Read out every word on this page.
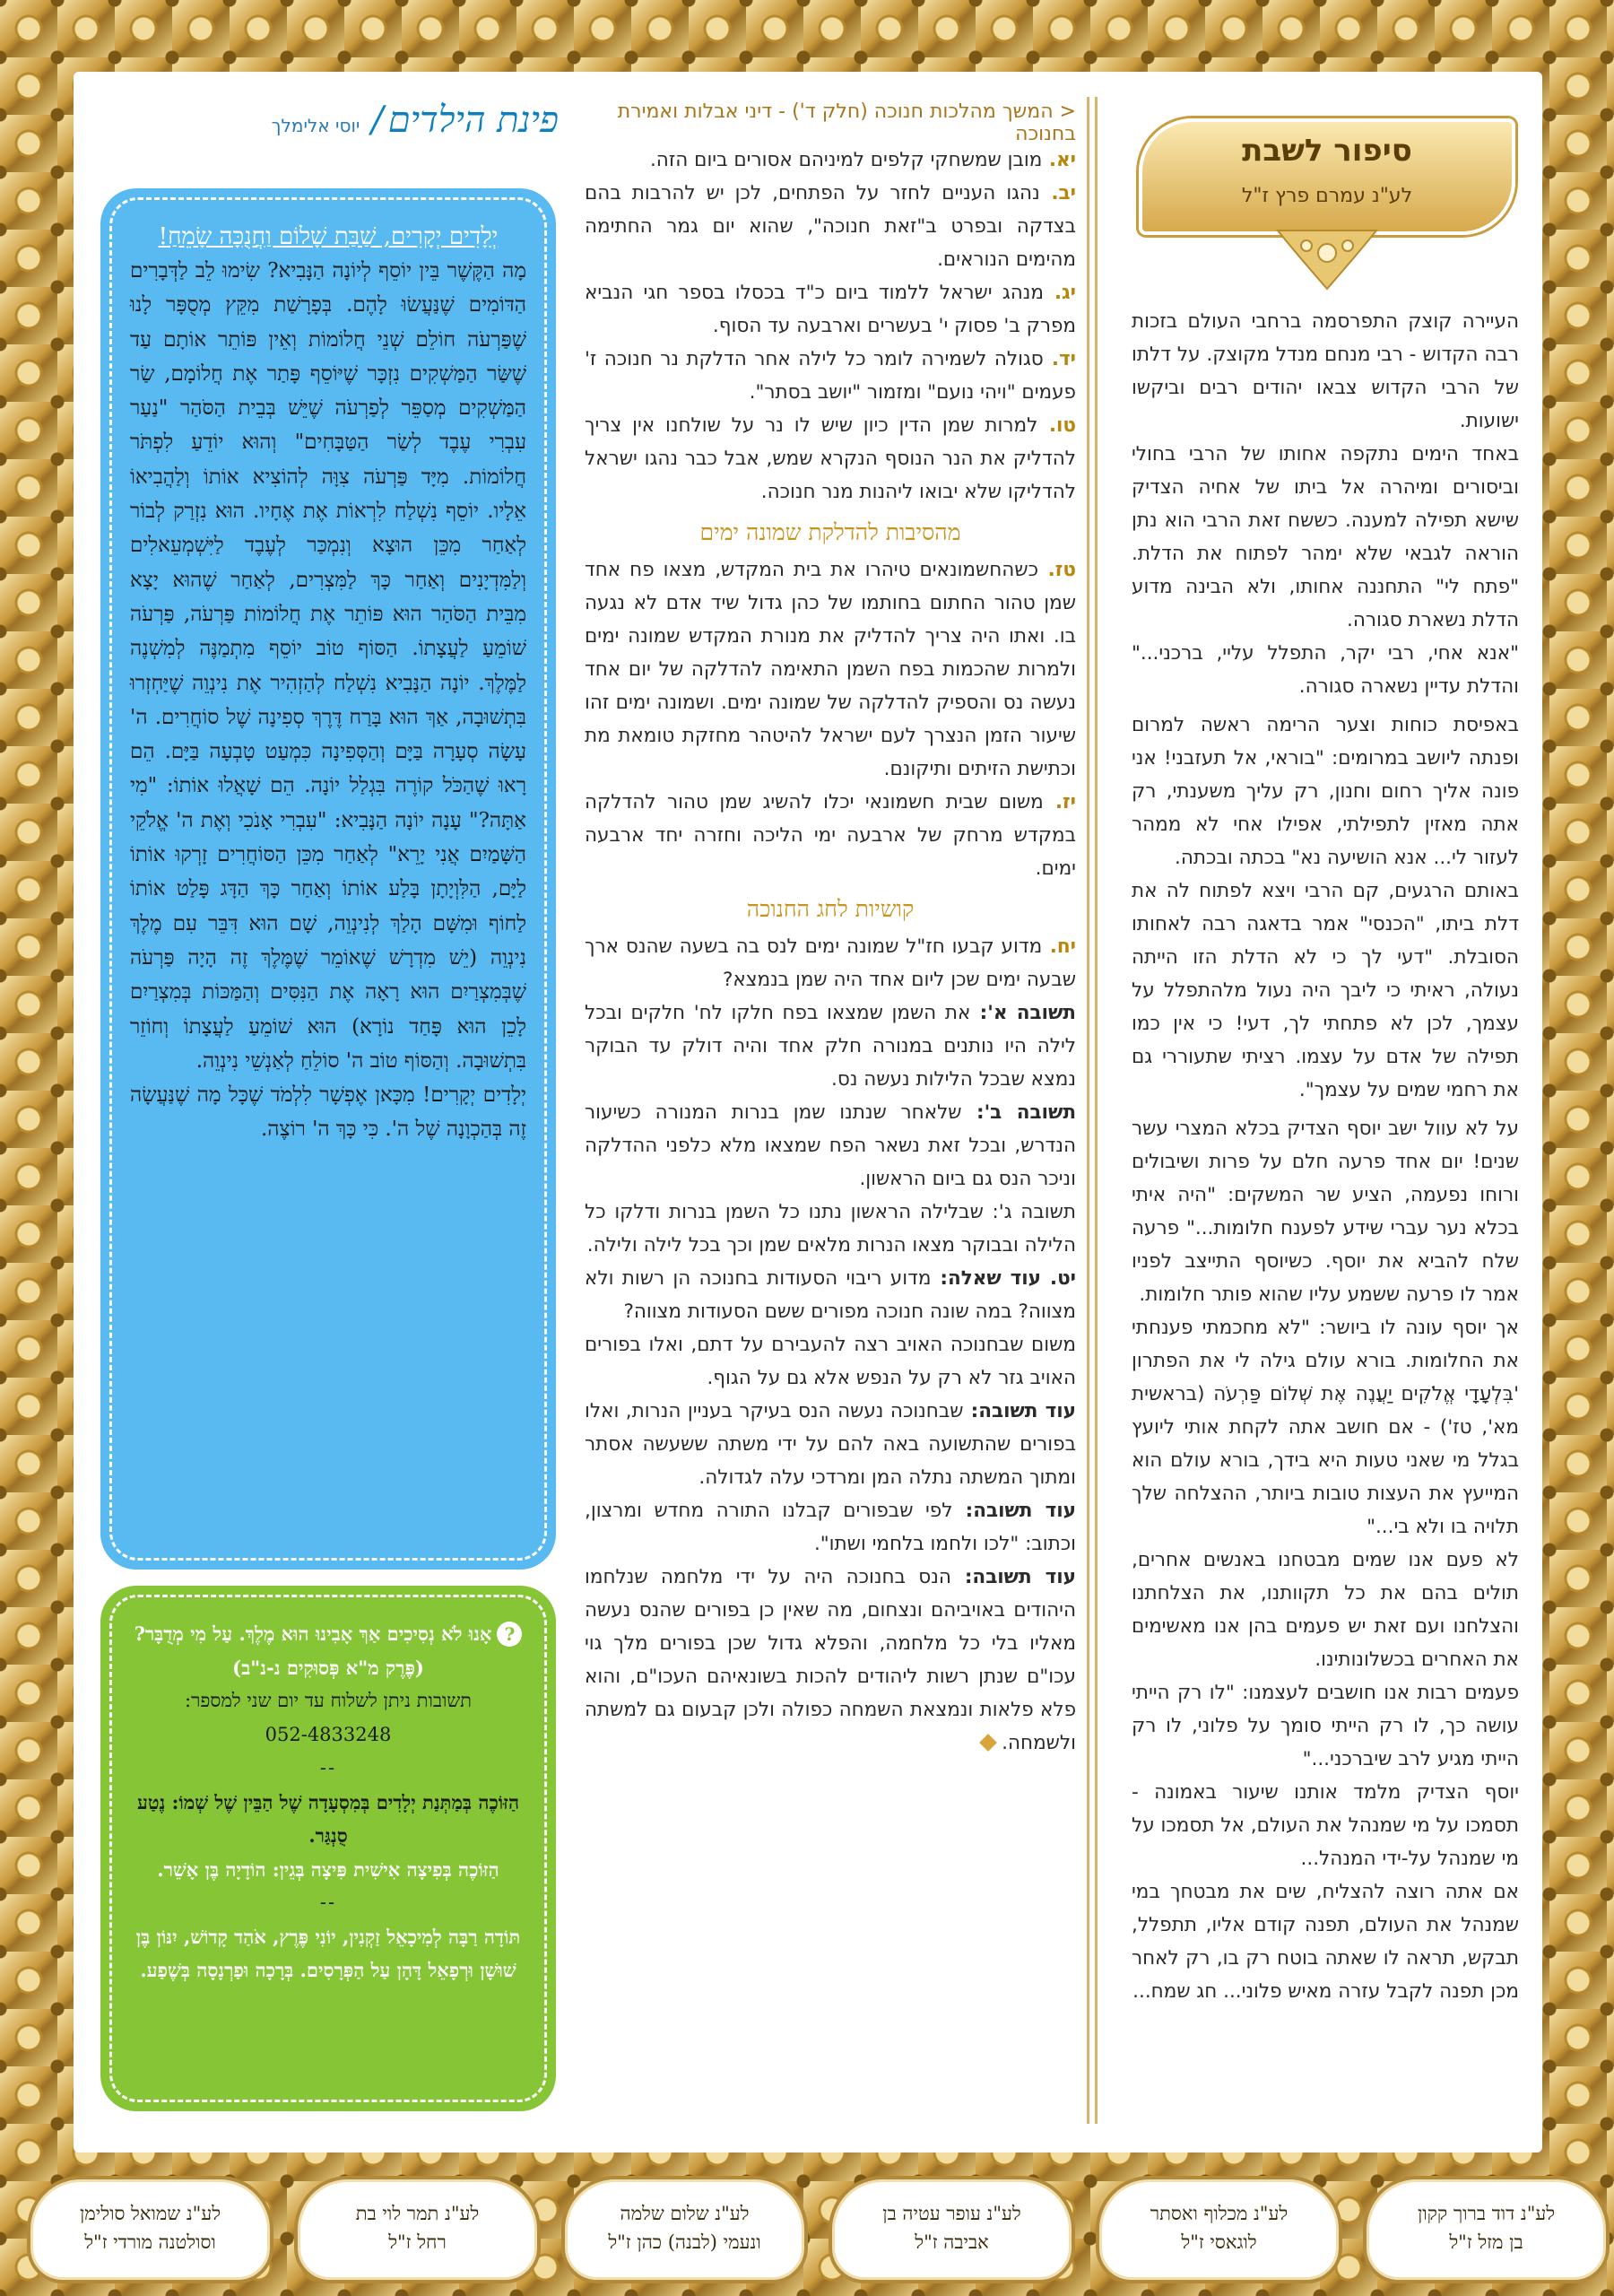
סיפור לשבת
לע"נ עמרם פרץ ז"ל

העיירה קוצק התפרסמה ברחבי העולם בזכות רבה הקדוש - רבי מנחם מנדל מקוצק. על דלתו של הרבי הקדוש צבאו יהודים רבים וביקשו ישועות.

באחד הימים נתקפה אחותו של הרבי בחולי וביסורים ומיהרה אל ביתו של אחיה הצדיק שישא תפילה למענה. כששח זאת הרבי הוא נתן הוראה לגבאי שלא ימהר לפתוח את הדלת. "פתח לי" התחננה אחותו, ולא הבינה מדוע הדלת נשארת סגורה.

"אנא אחי, רבי יקר, התפלל עליי, ברכני..." והדלת עדיין נשארה סגורה.

באפיסת כוחות וצער הרימה ראשה למרום ופנתה ליושב במרומים: "בוראי, אל תעזבני! אני פונה אליך רחום וחנון, רק עליך משענתי, רק אתה מאזין לתפילתי, אפילו אחי לא ממהר לעזור לי... אנא הושיעה נא" בכתה ובכתה.

באותם הרגעים, קם הרבי ויצא לפתוח לה את דלת ביתו, "הכנסי" אמר בדאגה רבה לאחותו הסובלת. "דעי לך כי לא הדלת הזו הייתה נעולה, ראיתי כי ליבך היה נעול מלהתפלל על עצמך, לכן לא פתחתי לך, דעי! כי אין כמו תפילה של אדם על עצמו. רציתי שתעוררי גם את רחמי שמים על עצמך".

על לא עוול ישב יוסף הצדיק בכלא המצרי עשר שנים! יום אחד פרעה חלם על פרות ושיבולים ורוחו נפעמה, הציע שר המשקים: "היה איתי בכלא נער עברי שידע לפענח חלומות..." פרעה שלח להביא את יוסף. כשיוסף התייצב לפניו אמר לו פרעה ששמע עליו שהוא פותר חלומות.

אך יוסף עונה לו ביושר: "לא מחכמתי פענחתי את החלומות. בורא עולם גילה לי את הפתרון 'בִּלְעָדָי אֱלֹקִים יַעֲנֶה אֶת שְׁלוֹם פַּרְעֹה (בראשית מא', טז') - אם חושב אתה לקחת אותי ליועץ בגלל מי שאני טעות היא בידך, בורא עולם הוא המייעץ את העצות טובות ביותר, ההצלחה שלך תלויה בו ולא בי..."

לא פעם אנו שמים מבטחנו באנשים אחרים, תולים בהם את כל תקוותנו, את הצלחתנו והצלחנו ועם זאת יש פעמים בהן אנו מאשימים את האחרים בכשלונותינו.

פעמים רבות אנו חושבים לעצמנו: "לו רק הייתי עושה כך, לו רק הייתי סומך על פלוני, לו רק הייתי מגיע לרב שיברכני..."

יוסף הצדיק מלמד אותנו שיעור באמונה - תסמכו על מי שמנהל את העולם, אל תסמכו על מי שמנהל על-ידי המנהל...

אם אתה רוצה להצליח, שים את מבטחך במי שמנהל את העולם, תפנה קודם אליו, תתפלל, תבקש, תראה לו שאתה בוטח רק בו, רק לאחר מכן תפנה לקבל עזרה מאיש פלוני... חג שמח...

< המשך מהלכות חנוכה (חלק ד') - דיני אבלות ואמירת בחנוכה

יא. מובן שמשחקי קלפים למיניהם אסורים ביום הזה.

יב. נהגו העניים לחזר על הפתחים, לכן יש להרבות בהם בצדקה ובפרט ב"זאת חנוכה", שהוא יום גמר החתימה מהימים הנוראים.

יג. מנהג ישראל ללמוד ביום כ"ד בכסלו בספר חגי הנביא מפרק ב' פסוק י' בעשרים וארבעה עד הסוף.

יד. סגולה לשמירה לומר כל לילה אחר הדלקת נר חנוכה ז' פעמים "ויהי נועם" ומזמור "יושב בסתר".

טו. למרות שמן הדין כיון שיש לו נר על שולחנו אין צריך להדליק את הנר הנוסף הנקרא שמש, אבל כבר נהגו ישראל להדליקו שלא יבואו ליהנות מנר חנוכה.

מהסיבות להדלקת שמונה ימים

טז. כשהחשמונאים טיהרו את בית המקדש, מצאו פח אחד שמן טהור החתום בחותמו של כהן גדול שיד אדם לא נגעה בו. ואתו היה צריך להדליק את מנורת המקדש שמונה ימים ולמרות שהכמות בפח השמן התאימה להדלקה של יום אחד נעשה נס והספיק להדלקה של שמונה ימים. ושמונה ימים זהו שיעור הזמן הנצרך לעם ישראל להיטהר מחזקת טומאת מת וכתישת הזיתים ותיקונם.

יז. משום שבית חשמונאי יכלו להשיג שמן טהור להדלקה במקדש מרחק של ארבעה ימי הליכה וחזרה יחד ארבעה ימים.

קושיות לחג החנוכה

יח. מדוע קבעו חז"ל שמונה ימים לנס בה בשעה שהנס ארך שבעה ימים שכן ליום אחד היה שמן בנמצא?

תשובה א': את השמן שמצאו בפח חלקו לח' חלקים ובכל לילה היו נותנים במנורה חלק אחד והיה דולק עד הבוקר נמצא שבכל הלילות נעשה נס.

תשובה ב': שלאחר שנתנו שמן בנרות המנורה כשיעור הנדרש, ובכל זאת נשאר הפח שמצאו מלא כלפני ההדלקה וניכר הנס גם ביום הראשון.

תשובה ג': שבלילה הראשון נתנו כל השמן בנרות ודלקו כל הלילה ובבוקר מצאו הנרות מלאים שמן וכך בכל לילה ולילה.

יט. עוד שאלה: מדוע ריבוי הסעודות בחנוכה הן רשות ולא מצווה? במה שונה חנוכה מפורים ששם הסעודות מצווה?

משום שבחנוכה האויב רצה להעבירם על דתם, ואלו בפורים האויב גזר לא רק על הנפש אלא גם על הגוף.

עוד תשובה: שבחנוכה נעשה הנס בעיקר בעניין הנרות, ואלו בפורים שהתשועה באה להם על ידי משתה ששעשה אסתר ומתוך המשתה נתלה המן ומרדכי עלה לגדולה.

עוד תשובה: לפי שבפורים קבלנו התורה מחדש ומרצון, וכתוב: "לכו ולחמו בלחמי ושתו".

עוד תשובה: הנס בחנוכה היה על ידי מלחמה שנלחמו היהודים באויביהם ונצחום, מה שאין כן בפורים שהנס נעשה מאליו בלי כל מלחמה, והפלא גדול שכן בפורים מלך גוי עכו"ם שנתן רשות ליהודים להכות בשונאיהם העכו"ם, והוא פלא פלאות ונמצאת השמחה כפולה ולכן קבעום גם למשתה ולשמחה.

פינת הילדים / יוסי אלימלך
יְלָדִים יְקָרִים, שַׁבַּת שָׁלוֹם וַחֲנֻכָּה שָׂמֵחַ!

מָה הַקֶּשֶׁר בֵּין יוֹסֵף לְיוֹנָה הַנָּבִיא? שִׂימוּ לֵב לַדְּבָרִים הַדּוֹמִים שֶׁנַּעֲשׂוּ לָהֶם. בְּפָרָשַׁת מִקֵּץ מְסֻפָּר לָנוּ שֶׁפַּרְעֹה חוֹלֵם שְׁנֵי חֲלוֹמוֹת וְאֵין פּוֹתֵר אוֹתָם עַד שֶׁשַּׂר הַמַּשְׁקִים נִזְכָּר שֶׁיּוֹסֵף פָּתַר אֶת חֲלוֹמָם, שַׂר הַמַּשְׁקִים מְסַפֵּר לְפַרְעֹה שֶׁיֵּשׁ בְּבֵית הַסֹּהַר "נַעַר עִבְרִי עֶבֶד לְשַׂר הַטַּבָּחִים" וְהוּא יוֹדֵעַ לִפְתֹּר חֲלוֹמוֹת. מִיָּד פַּרְעֹה צִוָּה לְהוֹצִיא אוֹתוֹ וְלַהֲבִיאוֹ אֵלָיו. יוֹסֵף נִשְׁלַח לִרְאוֹת אֶת אֶחָיו. הוּא נִזְרַק לְבוֹר לְאַחַר מִכֵּן הוּצָא וְנִמְכַּר לְעֶבֶד לַיִּשְׁמְעֵאלִים וְלַמִּדְיָנִים וְאַחַר כָּךְ לַמִּצְרִים, לְאַחַר שֶׁהוּא יָצָא מִבֵּית הַסֹּהַר הוּא פּוֹתֵר אֶת חֲלוֹמוֹת פַּרְעֹה, פַּרְעֹה שׁוֹמֵעַ לַעֲצָתוֹ. הַסּוֹף טוֹב יוֹסֵף מִתְמַנֶּה לְמִשְׁנֶה לַמֶּלֶךְ. יוֹנָה הַנָּבִיא נִשְׁלַח לְהַזְהִיר אֶת נִינְוֵה שֶׁיַּחְזְרוּ בִּתְשׁוּבָה, אַךְ הוּא בָּרַח דֶּרֶךְ סְפִינָה שֶׁל סוֹחֲרִים. ה' עָשָׂה סְעָרָה בַּיָּם וְהַסְּפִינָה כִּמְעַט טָבְעָה בַּיָּם. הֵם רָאוּ שֶׁהַכֹּל קוֹרֶה בִּגְלַל יוֹנָה. הֵם שָׁאֲלוּ אוֹתוֹ: "מִי אַתָּה?" עָנָה יוֹנָה הַנָּבִיא: "עִבְרִי אָנֹכִי וְאֶת ה' אֱלֹקֵי הַשָּׁמַיִם אֲנִי יָרֵא" לְאַחַר מִכֵּן הַסּוֹחֲרִים זָרְקוּ אוֹתוֹ לַיָּם, הַלִּוְיָתָן בָּלַע אוֹתוֹ וְאַחַר כָּךְ הַדָּג פָּלַט אוֹתוֹ לַחוֹף וּמִשָּׁם הָלַךְ לְנִינְוֵה, שָׁם הוּא דִּבֵּר עִם מֶלֶךְ נִינְוֵה (יֵשׁ מִדְרָשׁ שֶׁאוֹמֵר שֶׁמֶּלֶךְ זֶה הָיָה פַּרְעֹה שֶׁבְּמִצְרַיִם הוּא רָאָה אֶת הַנִּסִּים וְהַמַּכּוֹת בְּמִצְרַיִם לָכֵן הוּא פָּחַד נוֹרָא) הוּא שׁוֹמֵעַ לַעֲצָתוֹ וְחוֹזֵר בִּתְשׁוּבָה. וְהַסּוֹף טוֹב ה' סוֹלֵחַ לְאַנְשֵׁי נִינְוֵה.

יְלָדִים יְקָרִים! מִכָּאן אֶפְשָׁר לִלְמֹד שֶׁכָּל מָה שֶׁנַּעֲשָׂה זֶה בְּהַכְוָנָה שֶׁל ה'. כִּי כָּךְ ה' רוֹצֶה.

?אָנוּ לֹא נְסִיכִים אַךְ אָבִינוּ הוּא מֶלֶךְ. עַל מִי מְדֻבָּר? (פֶּרֶק מ"א פְּסוּקִים נ-נ"ב)

תשובות ניתן לשלוח עד יום שני למספר:

052-4833248

--

הַזּוֹכֶה בְּמַתְּנַת יְלָדִים בְּמִסְעָדָה שֶׁל הַבֵּין שֶׁל שְׁמוֹ: נֶטַע סֻנְגַּר.

הַזּוֹכֶה בְּפִיצָה אִישִׁית פִּיצָה בְּגֵין: הוֹדָיָה בֶּן אָשֵׁר.

--

תּוֹדָה רַבָּה לְמִיכָאֵל זַקְנִין, יוֹנִי פֶּרֶץ, אֹהַד קָדוֹשׁ, יִנּוֹן בֶּן שׁוּשָׁן וּרְפָאֵל דָּהָן עַל הַפְּרָסִים. בְּרָכָה וּפַרְנָסָה בְּשֶׁפַע.

לע"נ דוד ברוך קקון
בן מזל ז"ל
לע"נ מכלוף ואסתר
לוגאסי ז"ל
לע"נ עופר עטיה בן
אביבה ז"ל
לע"נ שלום שלמה
ונעמי (לבנה) כהן ז"ל
לע"נ תמר לוי בת
רחל ז"ל
לע"נ שמואל סולימן
וסולטנה מורדי ז"ל
